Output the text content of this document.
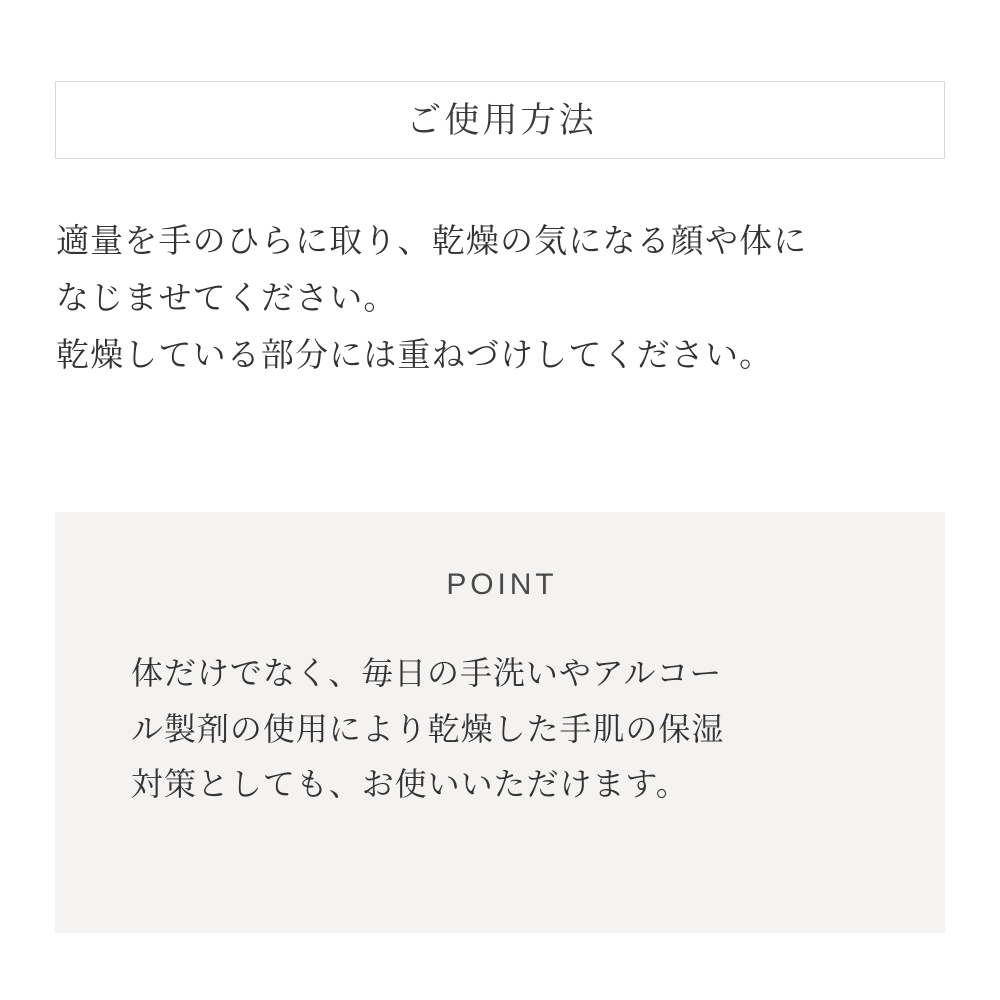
ご使用方法
適量を手のひらに取り、乾燥の気になる顔や体に
なじませてください。
乾燥している部分には重ねづけしてください。
POINT
体だけでなく、毎日の手洗いやアルコー
ル製剤の使用により乾燥した手肌の保湿
対策としても、お使いいただけます。
